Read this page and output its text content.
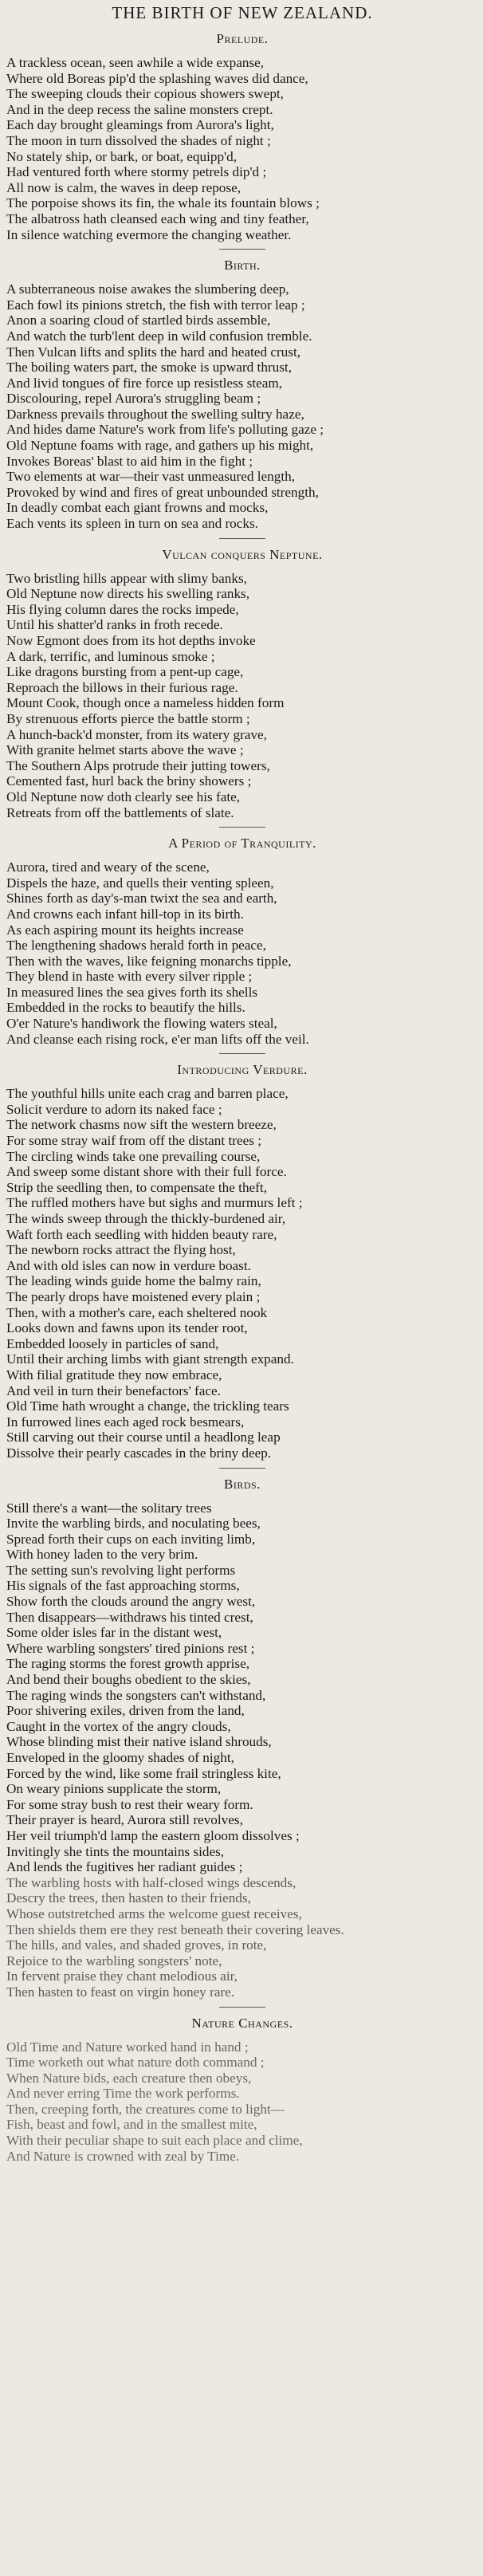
THE BIRTH OF NEW ZEALAND.
Prelude.
A trackless ocean, seen awhile a wide expanse,
Where old Boreas pip'd the splashing waves did dance,
The sweeping clouds their copious showers swept,
And in the deep recess the saline monsters crept.
Each day brought gleamings from Aurora's light,
The moon in turn dissolved the shades of night ;
No stately ship, or bark, or boat, equipp'd,
Had ventured forth where stormy petrels dip'd ;
All now is calm, the waves in deep repose,
The porpoise shows its fin, the whale its fountain blows ;
The albatross hath cleansed each wing and tiny feather,
In silence watching evermore the changing weather.
Birth.
A subterraneous noise awakes the slumbering deep,
Each fowl its pinions stretch, the fish with terror leap ;
Anon a soaring cloud of startled birds assemble,
And watch the turb'lent deep in wild confusion tremble.
Then Vulcan lifts and splits the hard and heated crust,
The boiling waters part, the smoke is upward thrust,
And livid tongues of fire force up resistless steam,
Discolouring, repel Aurora's struggling beam ;
Darkness prevails throughout the swelling sultry haze,
And hides dame Nature's work from life's polluting gaze ;
Old Neptune foams with rage, and gathers up his might,
Invokes Boreas' blast to aid him in the fight ;
Two elements at war—their vast unmeasured length,
Provoked by wind and fires of great unbounded strength,
In deadly combat each giant frowns and mocks,
Each vents its spleen in turn on sea and rocks.
Vulcan conquers Neptune.
Two bristling hills appear with slimy banks,
Old Neptune now directs his swelling ranks,
His flying column dares the rocks impede,
Until his shatter'd ranks in froth recede.
Now Egmont does from its hot depths invoke
A dark, terrific, and luminous smoke ;
Like dragons bursting from a pent-up cage,
Reproach the billows in their furious rage.
Mount Cook, though once a nameless hidden form
By strenuous efforts pierce the battle storm ;
A hunch-back'd monster, from its watery grave,
With granite helmet starts above the wave ;
The Southern Alps protrude their jutting towers,
Cemented fast, hurl back the briny showers ;
Old Neptune now doth clearly see his fate,
Retreats from off the battlements of slate.
A Period of Tranquility.
Aurora, tired and weary of the scene,
Dispels the haze, and quells their venting spleen,
Shines forth as day's-man twixt the sea and earth,
And crowns each infant hill-top in its birth.
As each aspiring mount its heights increase
The lengthening shadows herald forth in peace,
Then with the waves, like feigning monarchs tipple,
They blend in haste with every silver ripple ;
In measured lines the sea gives forth its shells
Embedded in the rocks to beautify the hills.
O'er Nature's handiwork the flowing waters steal,
And cleanse each rising rock, e'er man lifts off the veil.
Introducing Verdure.
The youthful hills unite each crag and barren place,
Solicit verdure to adorn its naked face ;
The network chasms now sift the western breeze,
For some stray waif from off the distant trees ;
The circling winds take one prevailing course,
And sweep some distant shore with their full force.
Strip the seedling then, to compensate the theft,
The ruffled mothers have but sighs and murmurs left ;
The winds sweep through the thickly-burdened air,
Waft forth each seedling with hidden beauty rare,
The newborn rocks attract the flying host,
And with old isles can now in verdure boast.
The leading winds guide home the balmy rain,
The pearly drops have moistened every plain ;
Then, with a mother's care, each sheltered nook
Looks down and fawns upon its tender root,
Embedded loosely in particles of sand,
Until their arching limbs with giant strength expand.
With filial gratitude they now embrace,
And veil in turn their benefactors' face.
Old Time hath wrought a change, the trickling tears
In furrowed lines each aged rock besmears,
Still carving out their course until a headlong leap
Dissolve their pearly cascades in the briny deep.
Birds.
Still there's a want—the solitary trees
Invite the warbling birds, and noculating bees,
Spread forth their cups on each inviting limb,
With honey laden to the very brim.
The setting sun's revolving light performs
His signals of the fast approaching storms,
Show forth the clouds around the angry west,
Then disappears—withdraws his tinted crest,
Some older isles far in the distant west,
Where warbling songsters' tired pinions rest ;
The raging storms the forest growth apprise,
And bend their boughs obedient to the skies,
The raging winds the songsters can't withstand,
Poor shivering exiles, driven from the land,
Caught in the vortex of the angry clouds,
Whose blinding mist their native island shrouds,
Enveloped in the gloomy shades of night,
Forced by the wind, like some frail stringless kite,
On weary pinions supplicate the storm,
For some stray bush to rest their weary form.
Their prayer is heard, Aurora still revolves,
Her veil triumph'd lamp the eastern gloom dissolves ;
Invitingly she tints the mountains sides,
And lends the fugitives her radiant guides ;
The warbling hosts with half-closed wings descends,
Descry the trees, then hasten to their friends,
Whose outstretched arms the welcome guest receives,
Then shields them ere they rest beneath their covering leaves.
The hills, and vales, and shaded groves, in rote,
Rejoice to the warbling songsters' note,
In fervent praise they chant melodious air,
Then hasten to feast on virgin honey rare.
Nature Changes.
Old Time and Nature worked hand in hand ;
Time worketh out what nature doth command ;
When Nature bids, each creature then obeys,
And never erring Time the work performs.
Then, creeping forth, the creatures come to light—
Fish, beast and fowl, and in the smallest mite,
With their peculiar shape to suit each place and clime,
And Nature is crowned with zeal by Time.
